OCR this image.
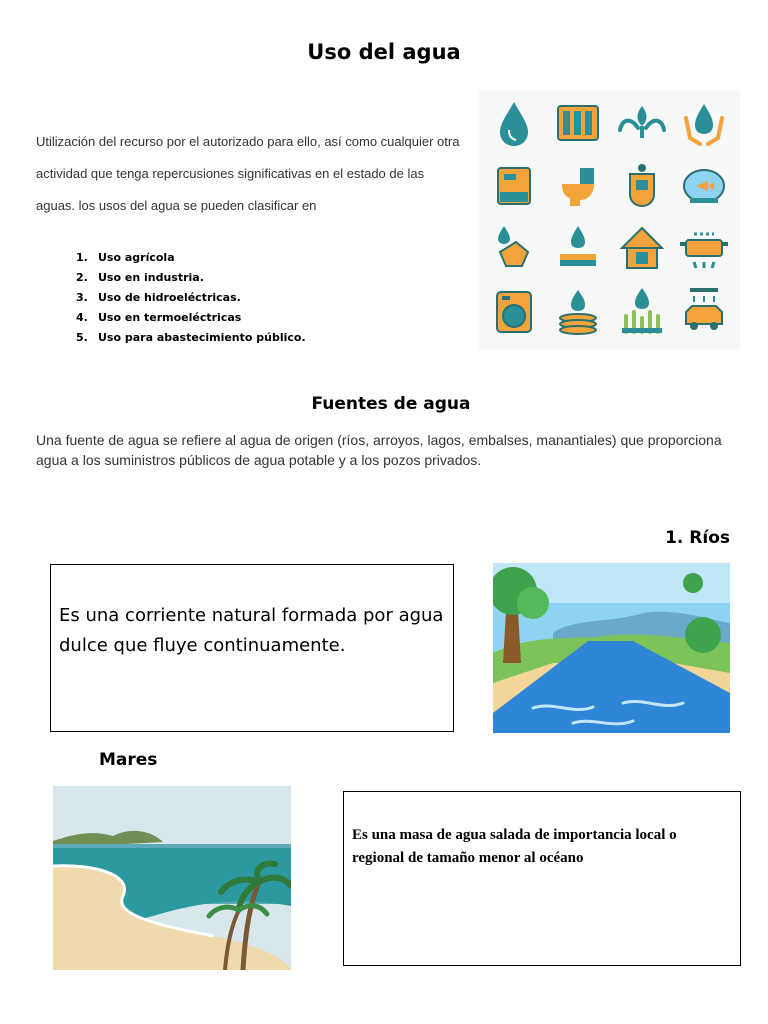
Uso del agua
Utilización del recurso por el autorizado para ello, así como cualquier otra actividad que tenga repercusiones significativas en el estado de las aguas. los usos del agua se pueden clasificar en
1. Uso agrícola
2. Uso en industria.
3. Uso de hidroeléctricas.
4. Uso en termoeléctricas
5. Uso para abastecimiento público.
Fuentes de agua
Una fuente de agua se refiere al agua de origen (ríos, arroyos, lagos, embalses, manantiales) que proporciona agua a los suministros públicos de agua potable y a los pozos privados.
1. Ríos
Es una corriente natural formada por agua dulce que fluye continuamente.
Mares
Es una masa de agua salada de importancia local o regional de tamaño menor al océano
